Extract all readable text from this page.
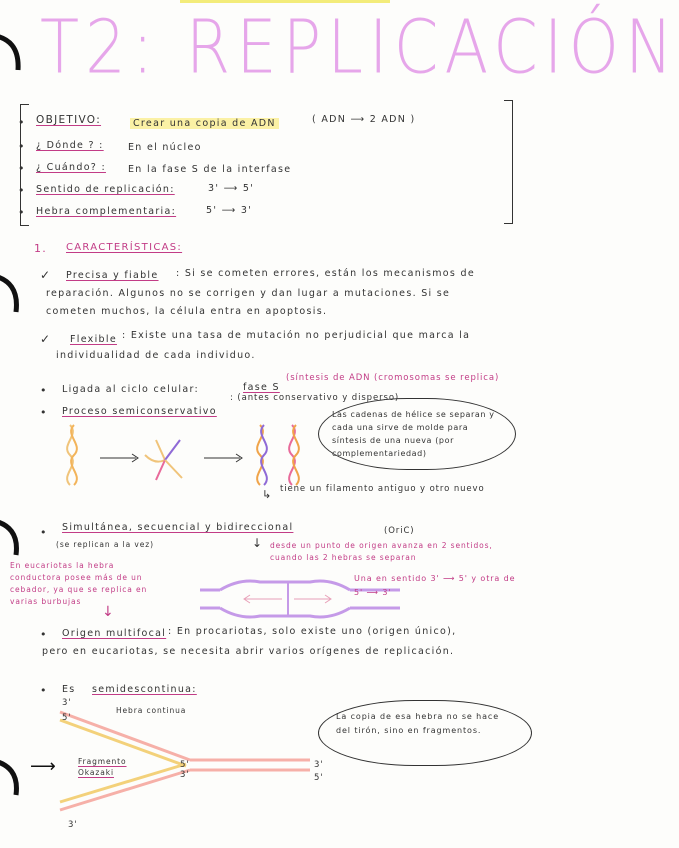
T2: REPLICACIÓN
• OBJETIVO:	Crear una copia de ADN	( ADN ⟶ 2 ADN )
• ¿ Dónde ? :	En el núcleo
• ¿ Cuándo? : En la fase S de la interfase
• Sentido de replicación:	3' ⟶ 5'
• Hebra complementaria:	5' ⟶ 3'
1. CARACTERÍSTICAS:
✓ Precisa y fiable : Si se cometen errores, están los mecanismos de
reparación. Algunos no se corrigen y dan lugar a mutaciones. Si se
cometen muchos, la célula entra en apoptosis.
✓ Flexible : Existe una tasa de mutación no perjudicial que marca la
individualidad de cada individuo.
• Ligada al ciclo celular:	fase S
(síntesis de ADN (cromosomas se replica)
• Proceso semiconservativo
: (antes conservativo y disperso)
Las cadenas de hélice se separan y cada una sirve de molde para síntesis de una nueva (por complementariedad)
↳ tiene un filamento antiguo y otro nuevo
• Simultánea, secuencial y bidireccional	(OriC)
(se replican a la vez)	↓ desde un punto de origen avanza en 2 sentidos, cuando las 2 hebras se separan
En eucariotas la hebra conductora posee más de un cebador, ya que se replica en varias burbujas
↓
Una en sentido 3' ⟶ 5' y otra de 5' ⟶ 3'
• Origen multifocal : En procariotas, solo existe uno (origen único),
pero en eucariotas, se necesita abrir varios orígenes de replicación.
• Es semidescontinua:
3'
5'
Hebra continua
5'
3'
3'
5'
3'
Fragmento Okazaki
⟶
La copia de esa hebra no se hace del tirón, sino en fragmentos.
